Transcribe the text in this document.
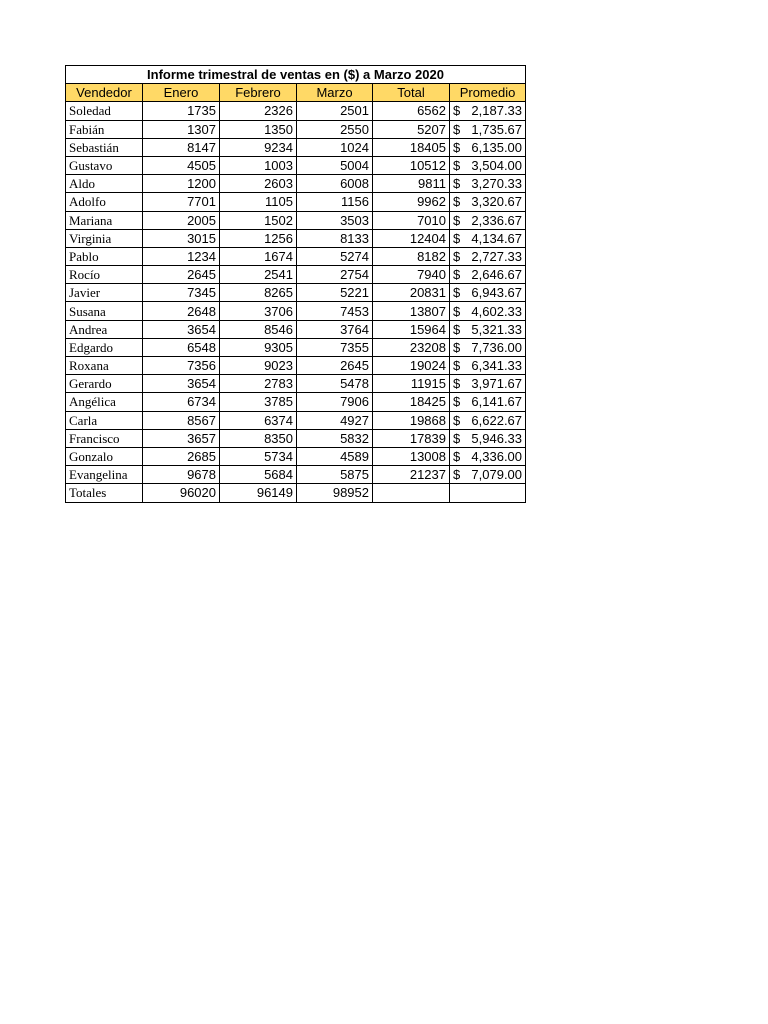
Informe trimestral de ventas en ($) a Marzo 2020					
Vendedor	Enero	Febrero	Marzo	Total	Promedio
Soledad	1735	2326	2501	6562	$ 2,187.33

Fabián	1307	1350	2550	5207	$ 1,735.67

Sebastián	8147	9234	1024	18405	$ 6,135.00

Gustavo	4505	1003	5004	10512	$ 3,504.00

Aldo	1200	2603	6008	9811	$ 3,270.33

Adolfo	7701	1105	1156	9962	$ 3,320.67

Mariana	2005	1502	3503	7010	$ 2,336.67

Virginia	3015	1256	8133	12404	$ 4,134.67

Pablo	1234	1674	5274	8182	$ 2,727.33

Rocío	2645	2541	2754	7940	$ 2,646.67

Javier	7345	8265	5221	20831	$ 6,943.67

Susana	2648	3706	7453	13807	$ 4,602.33

Andrea	3654	8546	3764	15964	$ 5,321.33

Edgardo	6548	9305	7355	23208	$ 7,736.00

Roxana	7356	9023	2645	19024	$ 6,341.33

Gerardo	3654	2783	5478	11915	$ 3,971.67

Angélica	6734	3785	7906	18425	$ 6,141.67

Carla	8567	6374	4927	19868	$ 6,622.67

Francisco	3657	8350	5832	17839	$ 5,946.33

Gonzalo	2685	5734	4589	13008	$ 4,336.00

Evangelina	9678	5684	5875	21237	$ 7,079.00

Totales	96020	96149	98952		
